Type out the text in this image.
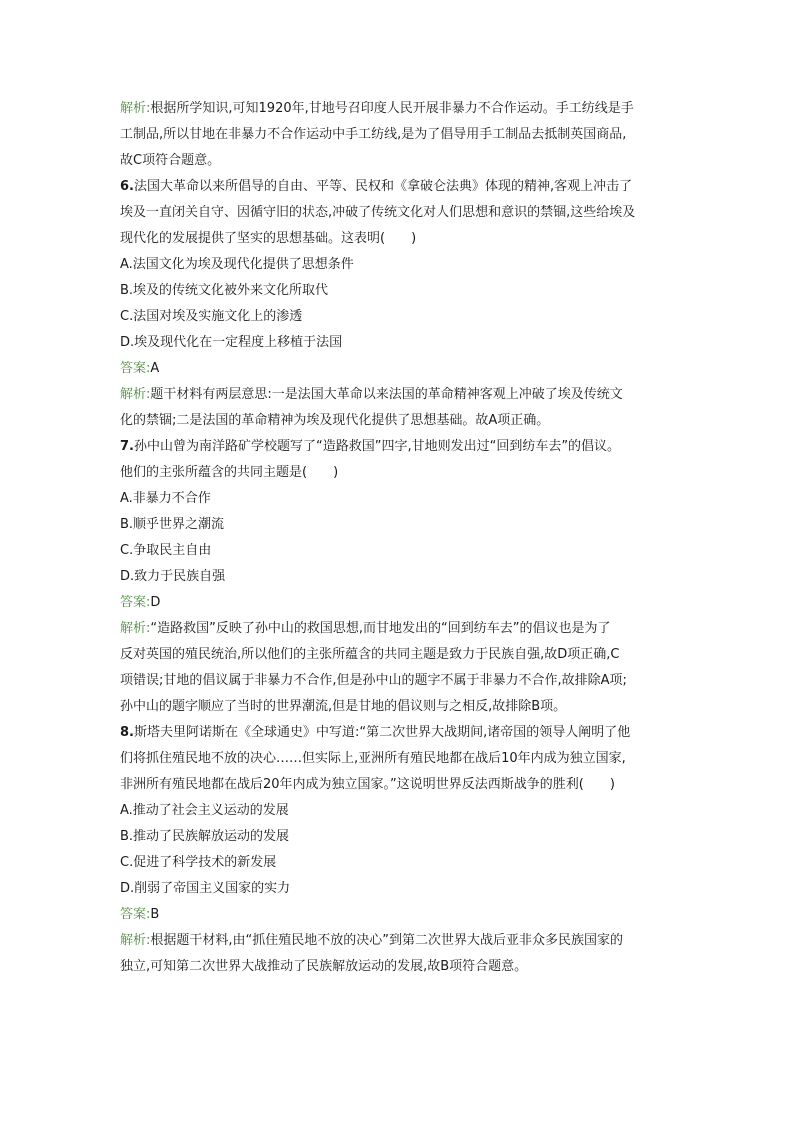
解析:根据所学知识,可知1920年,甘地号召印度人民开展非暴力不合作运动。手工纺线是手
工制品,所以甘地在非暴力不合作运动中手工纺线,是为了倡导用手工制品去抵制英国商品,
故C项符合题意。
6.法国大革命以来所倡导的自由、平等、民权和《拿破仑法典》体现的精神,客观上冲击了
埃及一直闭关自守、因循守旧的状态,冲破了传统文化对人们思想和意识的禁锢,这些给埃及
现代化的发展提供了坚实的思想基础。这表明(　　)
A.法国文化为埃及现代化提供了思想条件
B.埃及的传统文化被外来文化所取代
C.法国对埃及实施文化上的渗透
D.埃及现代化在一定程度上移植于法国
答案:A
解析:题干材料有两层意思:一是法国大革命以来法国的革命精神客观上冲破了埃及传统文
化的禁锢;二是法国的革命精神为埃及现代化提供了思想基础。故A项正确。
7.孙中山曾为南洋路矿学校题写了“造路救国”四字,甘地则发出过“回到纺车去”的倡议。
他们的主张所蕴含的共同主题是(　　)
A.非暴力不合作
B.顺乎世界之潮流
C.争取民主自由
D.致力于民族自强
答案:D
解析:“造路救国”反映了孙中山的救国思想,而甘地发出的“回到纺车去”的倡议也是为了
反对英国的殖民统治,所以他们的主张所蕴含的共同主题是致力于民族自强,故D项正确,C
项错误;甘地的倡议属于非暴力不合作,但是孙中山的题字不属于非暴力不合作,故排除A项;
孙中山的题字顺应了当时的世界潮流,但是甘地的倡议则与之相反,故排除B项。
8.斯塔夫里阿诺斯在《全球通史》中写道:“第二次世界大战期间,诸帝国的领导人阐明了他
们将抓住殖民地不放的决心……但实际上,亚洲所有殖民地都在战后10年内成为独立国家,
非洲所有殖民地都在战后20年内成为独立国家。”这说明世界反法西斯战争的胜利(　　)
A.推动了社会主义运动的发展
B.推动了民族解放运动的发展
C.促进了科学技术的新发展
D.削弱了帝国主义国家的实力
答案:B
解析:根据题干材料,由“抓住殖民地不放的决心”到第二次世界大战后亚非众多民族国家的
独立,可知第二次世界大战推动了民族解放运动的发展,故B项符合题意。
